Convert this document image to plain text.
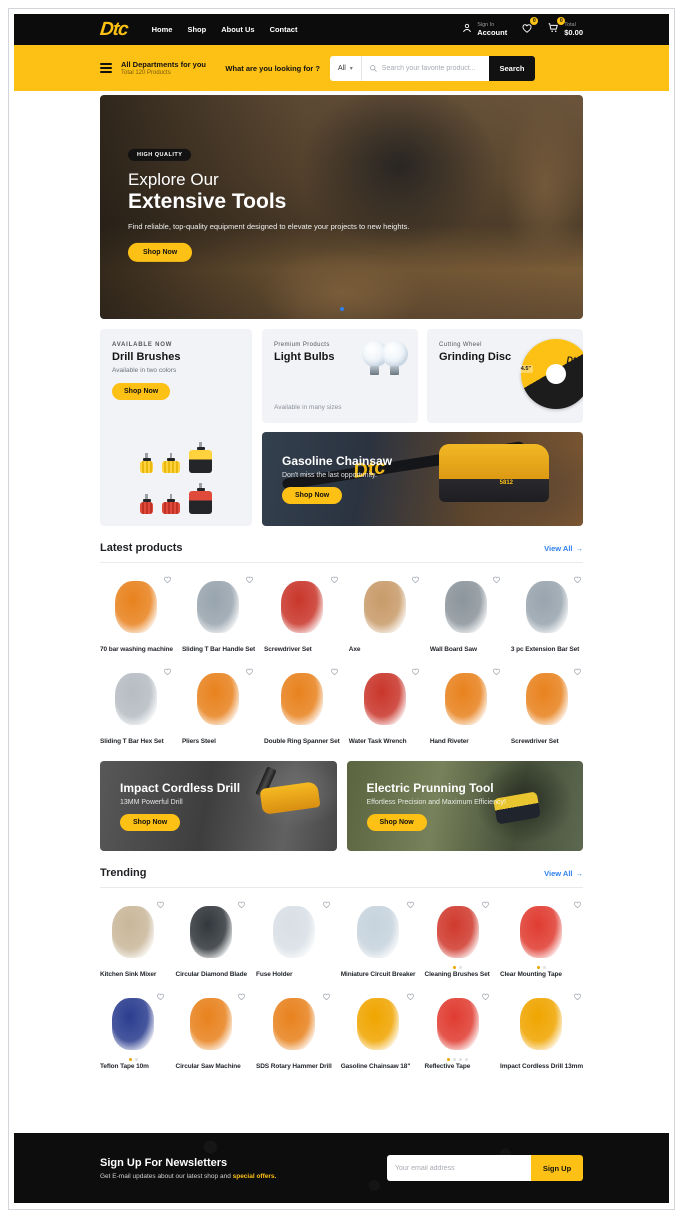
Dtc	Home Shop About Us Contact
Sign In
Account
0	0
Total
$0.00
All Departments for you
Total 120 Products
What are you looking for ?	All ▾
Search your favorite product...	Search
HIGH QUALITY
Explore Our
Extensive Tools

Find reliable, top-quality equipment designed to elevate your projects to new heights.

Shop Now
AVAILABLE NOW
Drill Brushes
Available in two colors
Shop Now
Premium Products
Light Bulbs
Available in many sizes
Cutting Wheel
Grinding Disc
4.5"
Dtc
Dtc
5812
Gasoline Chainsaw

Don't miss the last opportunity.

Shop Now
Latest products	View All →
70 bar washing machine Sliding T Bar Handle Set Screwdriver Set	Axe	Wall Board Saw	3 pc Extension Bar Set
Sliding T Bar Hex Set	Pliers Steel	Double Ring Spanner Set Water Task Wrench	Hand Riveter	Screwdriver Set
Impact Cordless Drill

13MM Powerful Drill

Shop Now
Electric Prunning Tool

Effortless Precision and Maximum Efficiency!

Shop Now
Trending	View All →
Kitchen Sink Mixer	Circular Diamond Blade Fuse Holder	Miniature Circuit Breaker Cleaning Brushes Set Clear Mounting Tape
Teflon Tape 10m	Circular Saw Machine	SDS Rotary Hammer Drill Gasoline Chainsaw 18"	Reflective Tape	Impact Cordless Drill 13mm
Sign Up For Newsletters
Get E-mail updates about our latest shop and special offers.
Your email address
Sign Up
